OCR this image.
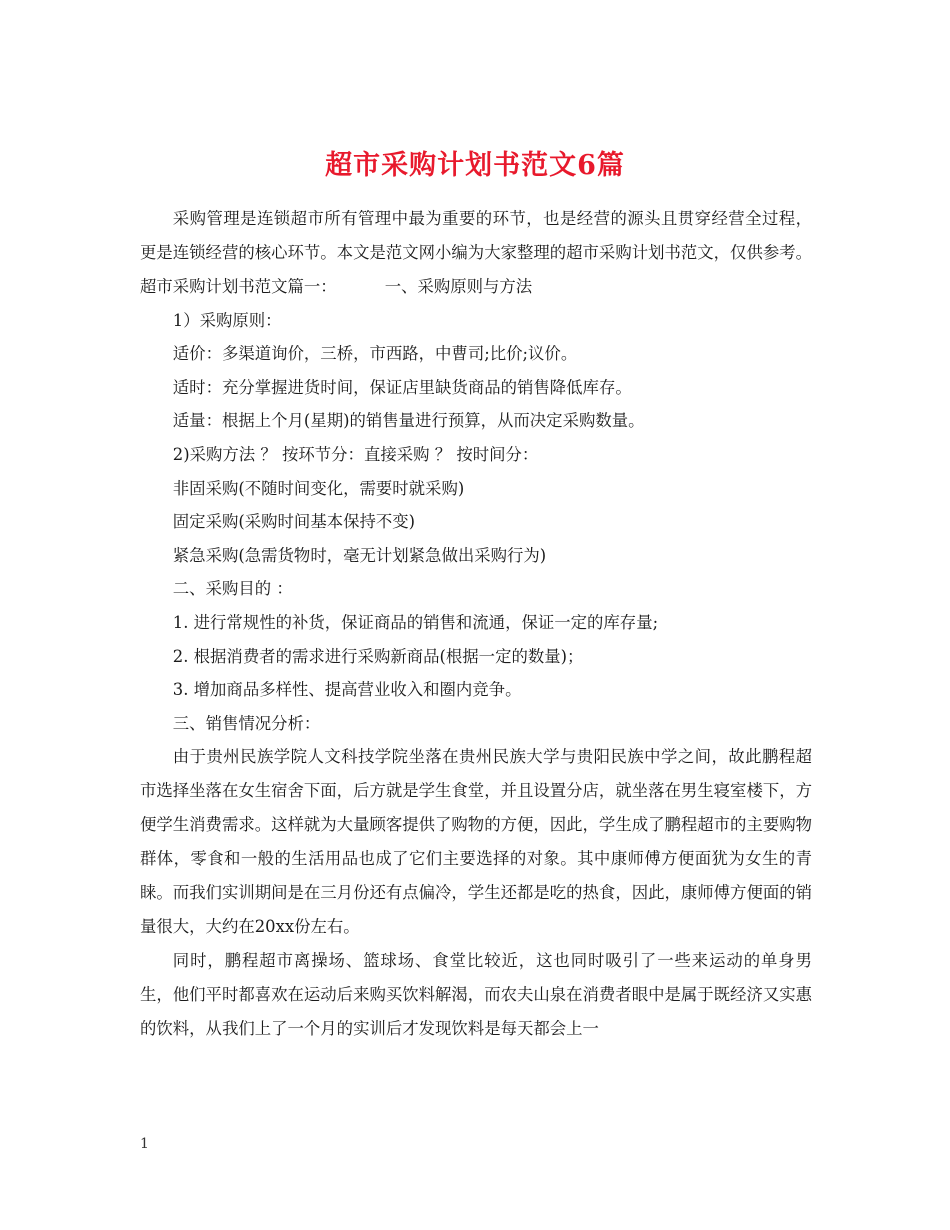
超市采购计划书范文6篇

采购管理是连锁超市所有管理中最为重要的环节，也是经营的源头且贯穿经营全过程，更是连锁经营的核心环节。本文是范文网小编为大家整理的超市采购计划书范文，仅供参考。

超市采购计划书范文篇一：	一、采购原则与方法

1）采购原则：

适价：多渠道询价，三桥，市西路，中曹司;比价;议价。

适时：充分掌握进货时间，保证店里缺货商品的销售降低库存。

适量：根据上个月(星期)的销售量进行预算，从而决定采购数量。

2)采购方法 ？ 按环节分：直接采购 ？ 按时间分：

非固采购(不随时间变化，需要时就采购)

固定采购(采购时间基本保持不变)

紧急采购(急需货物时，毫无计划紧急做出采购行为)

二、采购目的 ：

1. 进行常规性的补货，保证商品的销售和流通，保证一定的库存量;

2. 根据消费者的需求进行采购新商品(根据一定的数量)；

3. 增加商品多样性、提高营业收入和圈内竞争。

三、销售情况分析：

由于贵州民族学院人文科技学院坐落在贵州民族大学与贵阳民族中学之间，故此鹏程超市选择坐落在女生宿舍下面，后方就是学生食堂，并且设置分店，就坐落在男生寝室楼下，方便学生消费需求。这样就为大量顾客提供了购物的方便，因此，学生成了鹏程超市的主要购物群体，零食和一般的生活用品也成了它们主要选择的对象。其中康师傅方便面犹为女生的青睐。而我们实训期间是在三月份还有点偏冷，学生还都是吃的热食，因此，康师傅方便面的销量很大，大约在20xx份左右。

同时，鹏程超市离操场、篮球场、食堂比较近，这也同时吸引了一些来运动的单身男生，他们平时都喜欢在运动后来购买饮料解渴，而农夫山泉在消费者眼中是属于既经济又实惠的饮料，从我们上了一个月的实训后才发现饮料是每天都会上一

1
